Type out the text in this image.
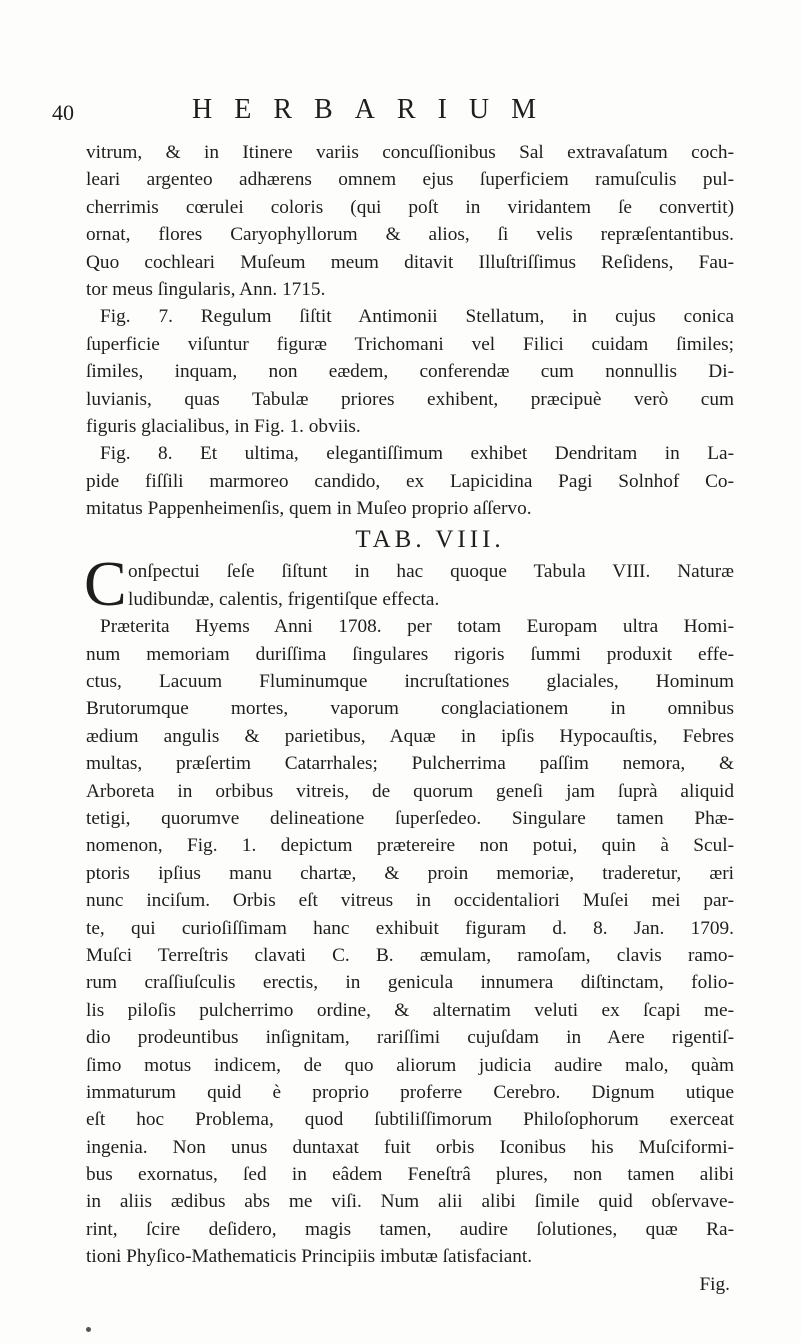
40	HERBARIUM
vitrum, & in Itinere variis concuſſionibus Sal extravaſatum coch-
leari argenteo adhærens omnem ejus ſuperficiem ramuſculis pul-
cherrimis cœrulei coloris (qui poſt in viridantem ſe convertit)
ornat, flores Caryophyllorum & alios, ſi velis repræſentantibus.
Quo cochleari Muſeum meum ditavit Illuſtriſſimus Reſidens, Fau-
tor meus ſingularis, Ann. 1715.
Fig. 7. Regulum ſiſtit Antimonii Stellatum, in cujus conica
ſuperficie viſuntur figuræ Trichomani vel Filici cuidam ſimiles;
ſimiles, inquam, non eædem, conferendæ cum nonnullis Di-
luvianis, quas Tabulæ priores exhibent, præcipuè verò cum
figuris glacialibus, in Fig. 1. obviis.
Fig. 8. Et ultima, elegantiſſimum exhibet Dendritam in La-
pide fiſſili marmoreo candido, ex Lapicidina Pagi Solnhof Co-
mitatus Pappenheimenſis, quem in Muſeo proprio aſſervo.
TAB. VIII.
C onſpectui ſeſe ſiſtunt in hac quoque Tabula VIII. Naturæ
ludibundæ, calentis, frigentiſque effecta.
Præterita Hyems Anni 1708. per totam Europam ultra Homi-
num memoriam duriſſima ſingulares rigoris ſummi produxit effe-
ctus, Lacuum Fluminumque incruſtationes glaciales, Hominum
Brutorumque mortes, vaporum conglaciationem in omnibus
ædium angulis & parietibus, Aquæ in ipſis Hypocauſtis, Febres
multas, præſertim Catarrhales; Pulcherrima paſſim nemora, &
Arboreta in orbibus vitreis, de quorum geneſi jam ſuprà aliquid
tetigi, quorumve delineatione ſuperſedeo. Singulare tamen Phæ-
nomenon, Fig. 1. depictum prætereire non potui, quin à Scul-
ptoris ipſius manu chartæ, & proin memoriæ, traderetur, æri
nunc inciſum. Orbis eſt vitreus in occidentaliori Muſei mei par-
te, qui curioſiſſimam hanc exhibuit figuram d. 8. Jan. 1709.
Muſci Terreſtris clavati C. B. æmulam, ramoſam, clavis ramo-
rum craſſiuſculis erectis, in genicula innumera diſtinctam, folio-
lis piloſis pulcherrimo ordine, & alternatim veluti ex ſcapi me-
dio prodeuntibus inſignitam, rariſſimi cujuſdam in Aere rigentiſ-
ſimo motus indicem, de quo aliorum judicia audire malo, quàm
immaturum quid è proprio proferre Cerebro. Dignum utique
eſt hoc Problema, quod ſubtiliſſimorum Philoſophorum exerceat
ingenia. Non unus duntaxat fuit orbis Iconibus his Muſciformi-
bus exornatus, ſed in eâdem Feneſtrâ plures, non tamen alibi
in aliis ædibus abs me viſi. Num alii alibi ſimile quid obſervave-
rint, ſcire deſidero, magis tamen, audire ſolutiones, quæ Ra-
tioni Phyſico-Mathematicis Principiis imbutæ ſatisfaciant.
Fig.
